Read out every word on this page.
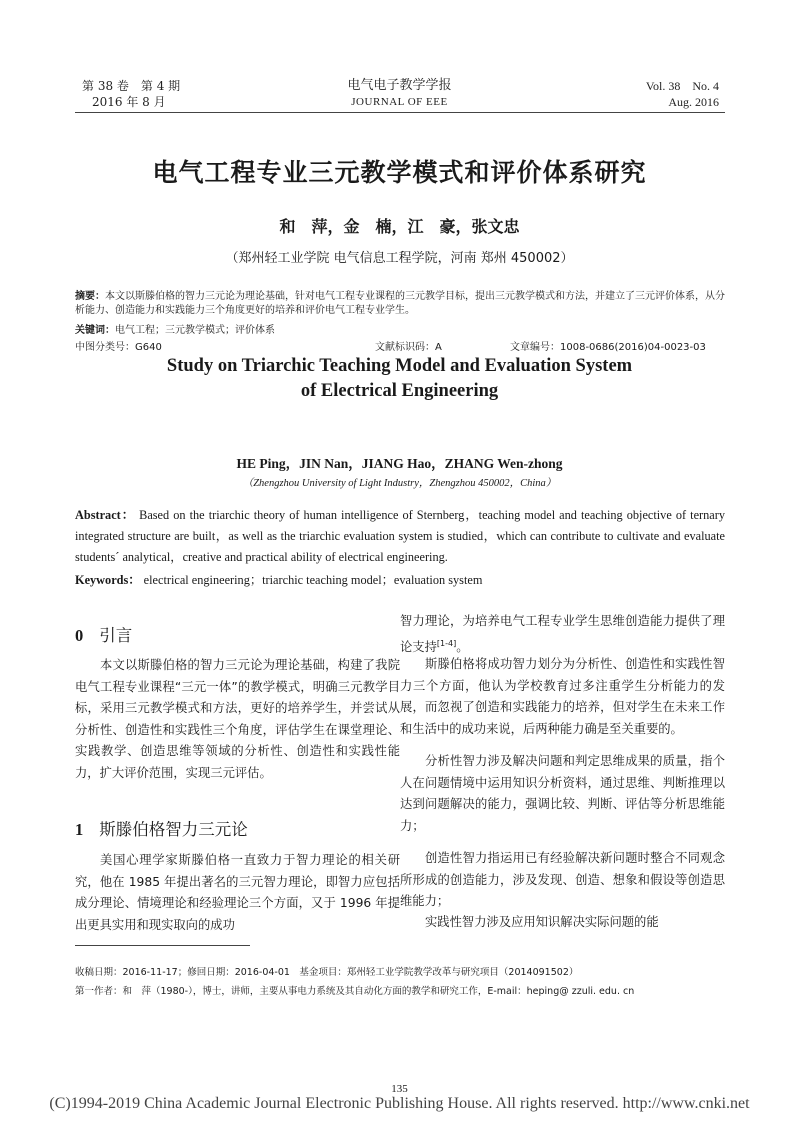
第 38 卷　第 4 期
2016 年 8 月
电气电子教学学报
JOURNAL OF EEE
Vol. 38　No. 4
Aug. 2016
电气工程专业三元教学模式和评价体系研究
和　萍，金　楠，江　豪，张文忠
（郑州轻工业学院 电气信息工程学院，河南 郑州 450002）
摘要：本文以斯滕伯格的智力三元论为理论基础，针对电气工程专业课程的三元教学目标，提出三元教学模式和方法，并建立了三元评价体系，从分析能力、创造能力和实践能力三个角度更好的培养和评价电气工程专业学生。
关键词：电气工程；三元教学模式；评价体系
中图分类号：G640	文献标识码：A	文章编号：1008-0686(2016)04-0023-03
Study on Triarchic Teaching Model and Evaluation System
of Electrical Engineering
HE Ping，JIN Nan，JIANG Hao，ZHANG Wen-zhong
（Zhengzhou University of Light Industry，Zhengzhou 450002，China）
Abstract： Based on the triarchic theory of human intelligence of Sternberg，teaching model and teaching objective of ternary integrated structure are built，as well as the triarchic evaluation system is studied，which can contribute to cultivate and evaluate students´ analytical，creative and practical ability of electrical engineering.
Keywords： electrical engineering；triarchic teaching model；evaluation system
0 引言
本文以斯滕伯格的智力三元论为理论基础，构建了我院电气工程专业课程“三元一体”的教学模式，明确三元教学目标，采用三元教学模式和方法，更好的培养学生，并尝试从分析性、创造性和实践性三个角度，评估学生在课堂理论、实践教学、创造思维等领域的分析性、创造性和实践性能力，扩大评价范围，实现三元评估。
1 斯滕伯格智力三元论
美国心理学家斯滕伯格一直致力于智力理论的相关研究，他在 1985 年提出著名的三元智力理论，即智力应包括成分理论、情境理论和经验理论三个方面，又于 1996 年提出更具实用和现实取向的成功
智力理论，为培养电气工程专业学生思维创造能力提供了理论支持[1-4]。
斯滕伯格将成功智力划分为分析性、创造性和实践性智力三个方面，他认为学校教育过多注重学生分析能力的发展，而忽视了创造和实践能力的培养，但对学生在未来工作和生活中的成功来说，后两种能力确是至关重要的。
分析性智力涉及解决问题和判定思维成果的质量，指个人在问题情境中运用知识分析资料，通过思维、判断推理以达到问题解决的能力，强调比较、判断、评估等分析思维能力；
创造性智力指运用已有经验解决新问题时整合不同观念所形成的创造能力，涉及发现、创造、想象和假设等创造思维能力；
实践性智力涉及应用知识解决实际问题的能
收稿日期：2016-11-17；修回日期：2016-04-01　基金项目：郑州轻工业学院教学改革与研究项目（2014091502）
第一作者：和　萍（1980-），博士，讲师，主要从事电力系统及其自动化方面的教学和研究工作，E-mail：heping@ zzuli. edu. cn
135
(C)1994-2019 China Academic Journal Electronic Publishing House. All rights reserved. http://www.cnki.net
